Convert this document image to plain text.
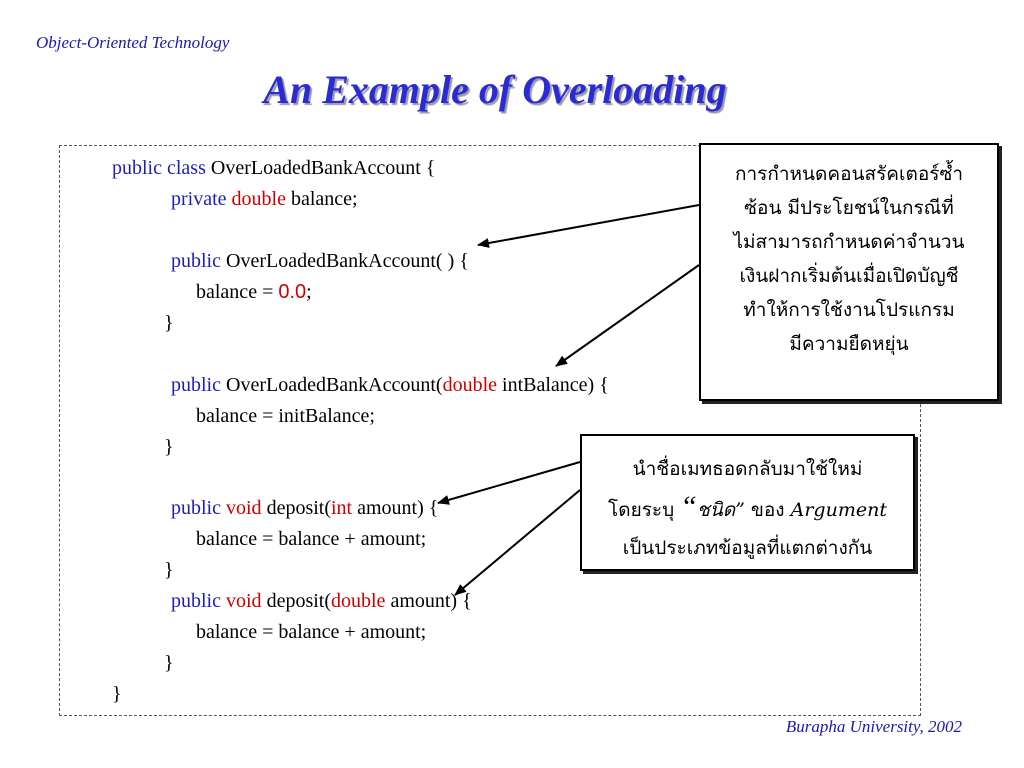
Object-Oriented Technology
An Example of Overloading
public class OverLoadedBankAccount {
private double balance;
public OverLoadedBankAccount( ) {
balance = 0.0;
}
public OverLoadedBankAccount(double intBalance) {
balance = initBalance;
}
public void deposit(int amount) {
balance = balance + amount;
}
public void deposit(double amount) {
balance = balance + amount;
}
}
การกำหนดคอนสรัคเตอร์ซ้ำ
ซ้อน มีประโยชน์ในกรณีที่
ไม่สามารถกำหนดค่าจำนวน
เงินฝากเริ่มต้นเมื่อเปิดบัญชี
ทำให้การใช้งานโปรแกรม
มีความยืดหยุ่น
นำชื่อเมทธอดกลับมาใช้ใหม่
โดยระบุ “ชนิด” ของ Argument
เป็นประเภทข้อมูลที่แตกต่างกัน
Burapha University, 2002
